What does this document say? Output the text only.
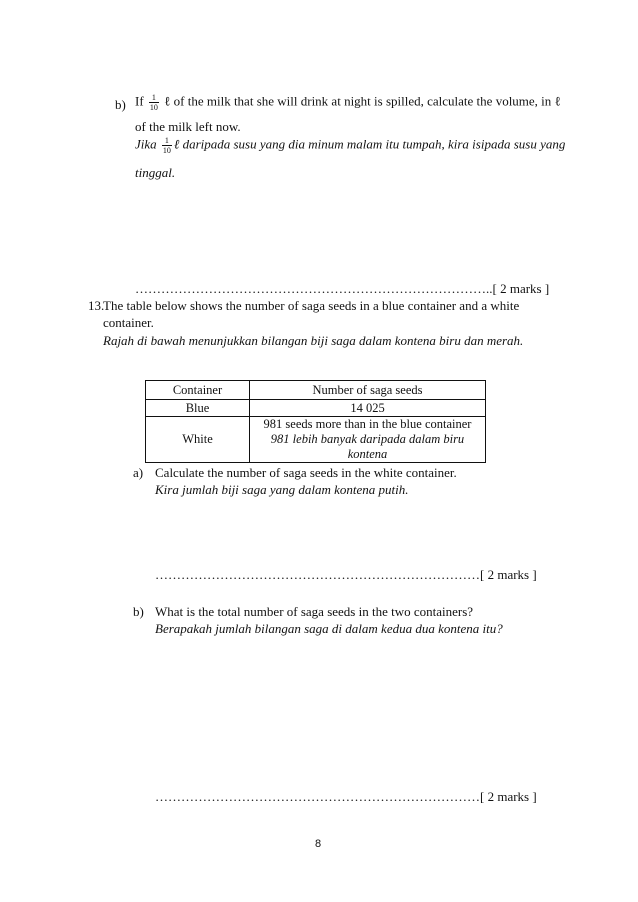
b) If $\frac{1}{10}$ ℓ of the milk that she will drink at night is spilled, calculate the volume, in ℓ
of the milk left now.
Jika $\frac{1}{10}$ ℓ daripada susu yang dia minum malam itu tumpah, kira isipada susu yang
tinggal.
………………………………………………………………………..[ 2 marks ]
13.
The table below shows the number of saga seeds in a blue container and a white
container.
Rajah di bawah menunjukkan bilangan biji saga dalam kontena biru dan merah.
Container	Number of saga seeds
Blue	14 025
White	981 seeds more than in the blue container
981 lebih banyak daripada dalam biru kontena
a) Calculate the number of saga seeds in the white container.
Kira jumlah biji saga yang dalam kontena putih.
…………………………………………………………………[ 2 marks ]
b) What is the total number of saga seeds in the two containers?
Berapakah jumlah bilangan saga di dalam kedua dua kontena itu?
…………………………………………………………………[ 2 marks ]
8
